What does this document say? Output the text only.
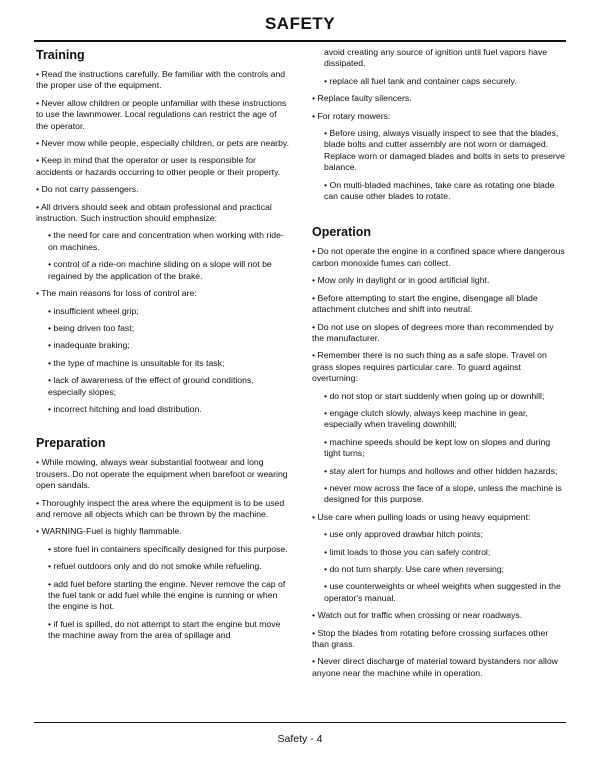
SAFETY
Training

• Read the instructions carefully. Be familiar with the controls and the proper use of the equipment.

• Never allow children or people unfamiliar with these instructions to use the lawnmower. Local regulations can restrict the age of the operator.

• Never mow while people, especially children, or pets are nearby.

• Keep in mind that the operator or user is responsible for accidents or hazards occurring to other people or their property.

• Do not carry passengers.

• All drivers should seek and obtain professional and practical instruction. Such instruction should emphasize:

• the need for care and concentration when working with ride-on machines.

• control of a ride-on machine sliding on a slope will not be regained by the application of the brake.

• The main reasons for loss of control are:

• insufficient wheel grip;

• being driven too fast;

• inadequate braking;

• the type of machine is unsuitable for its task;

• lack of awareness of the effect of ground conditions, especially slopes;

• incorrect hitching and load distribution.

Preparation

• While mowing, always wear substantial footwear and long trousers. Do not operate the equipment when barefoot or wearing open sandals.

• Thoroughly inspect the area where the equipment is to be used and remove all objects which can be thrown by the machine.

• WARNING-Fuel is highly flammable.

• store fuel in containers specifically designed for this purpose.

• refuel outdoors only and do not smoke while refueling.

• add fuel before starting the engine. Never remove the cap of the fuel tank or add fuel while the engine is running or when the engine is hot.

• if fuel is spilled, do not attempt to start the engine but move the machine away from the area of spillage and

avoid creating any source of ignition until fuel vapors have dissipated.

• replace all fuel tank and container caps securely.

• Replace faulty silencers.

• For rotary mowers:

• Before using, always visually inspect to see that the blades, blade bolts and cutter assembly are not worn or damaged. Replace worn or damaged blades and bolts in sets to preserve balance.

• On multi-bladed machines, take care as rotating one blade can cause other blades to rotate.

Operation

• Do not operate the engine in a confined space where dangerous carbon monoxide fumes can collect.

• Mow only in daylight or in good artificial light.

• Before attempting to start the engine, disengage all blade attachment clutches and shift into neutral.

• Do not use on slopes of degrees more than recommended by the manufacturer.

• Remember there is no such thing as a safe slope. Travel on grass slopes requires particular care. To guard against overturning:

• do not stop or start suddenly when going up or downhill;

• engage clutch slowly, always keep machine in gear, especially when traveling downhill;

• machine speeds should be kept low on slopes and during tight turns;

• stay alert for humps and hollows and other hidden hazards;

• never mow across the face of a slope, unless the machine is designed for this purpose.

• Use care when pulling loads or using heavy equipment:

• use only approved drawbar hitch points;

• limit loads to those you can safely control;

• do not turn sharply. Use care when reversing;

• use counterweights or wheel weights when suggested in the operator's manual.

• Watch out for traffic when crossing or near roadways.

• Stop the blades from rotating before crossing surfaces other than grass.

• Never direct discharge of material toward bystanders nor allow anyone near the machine while in operation.

Safety - 4
